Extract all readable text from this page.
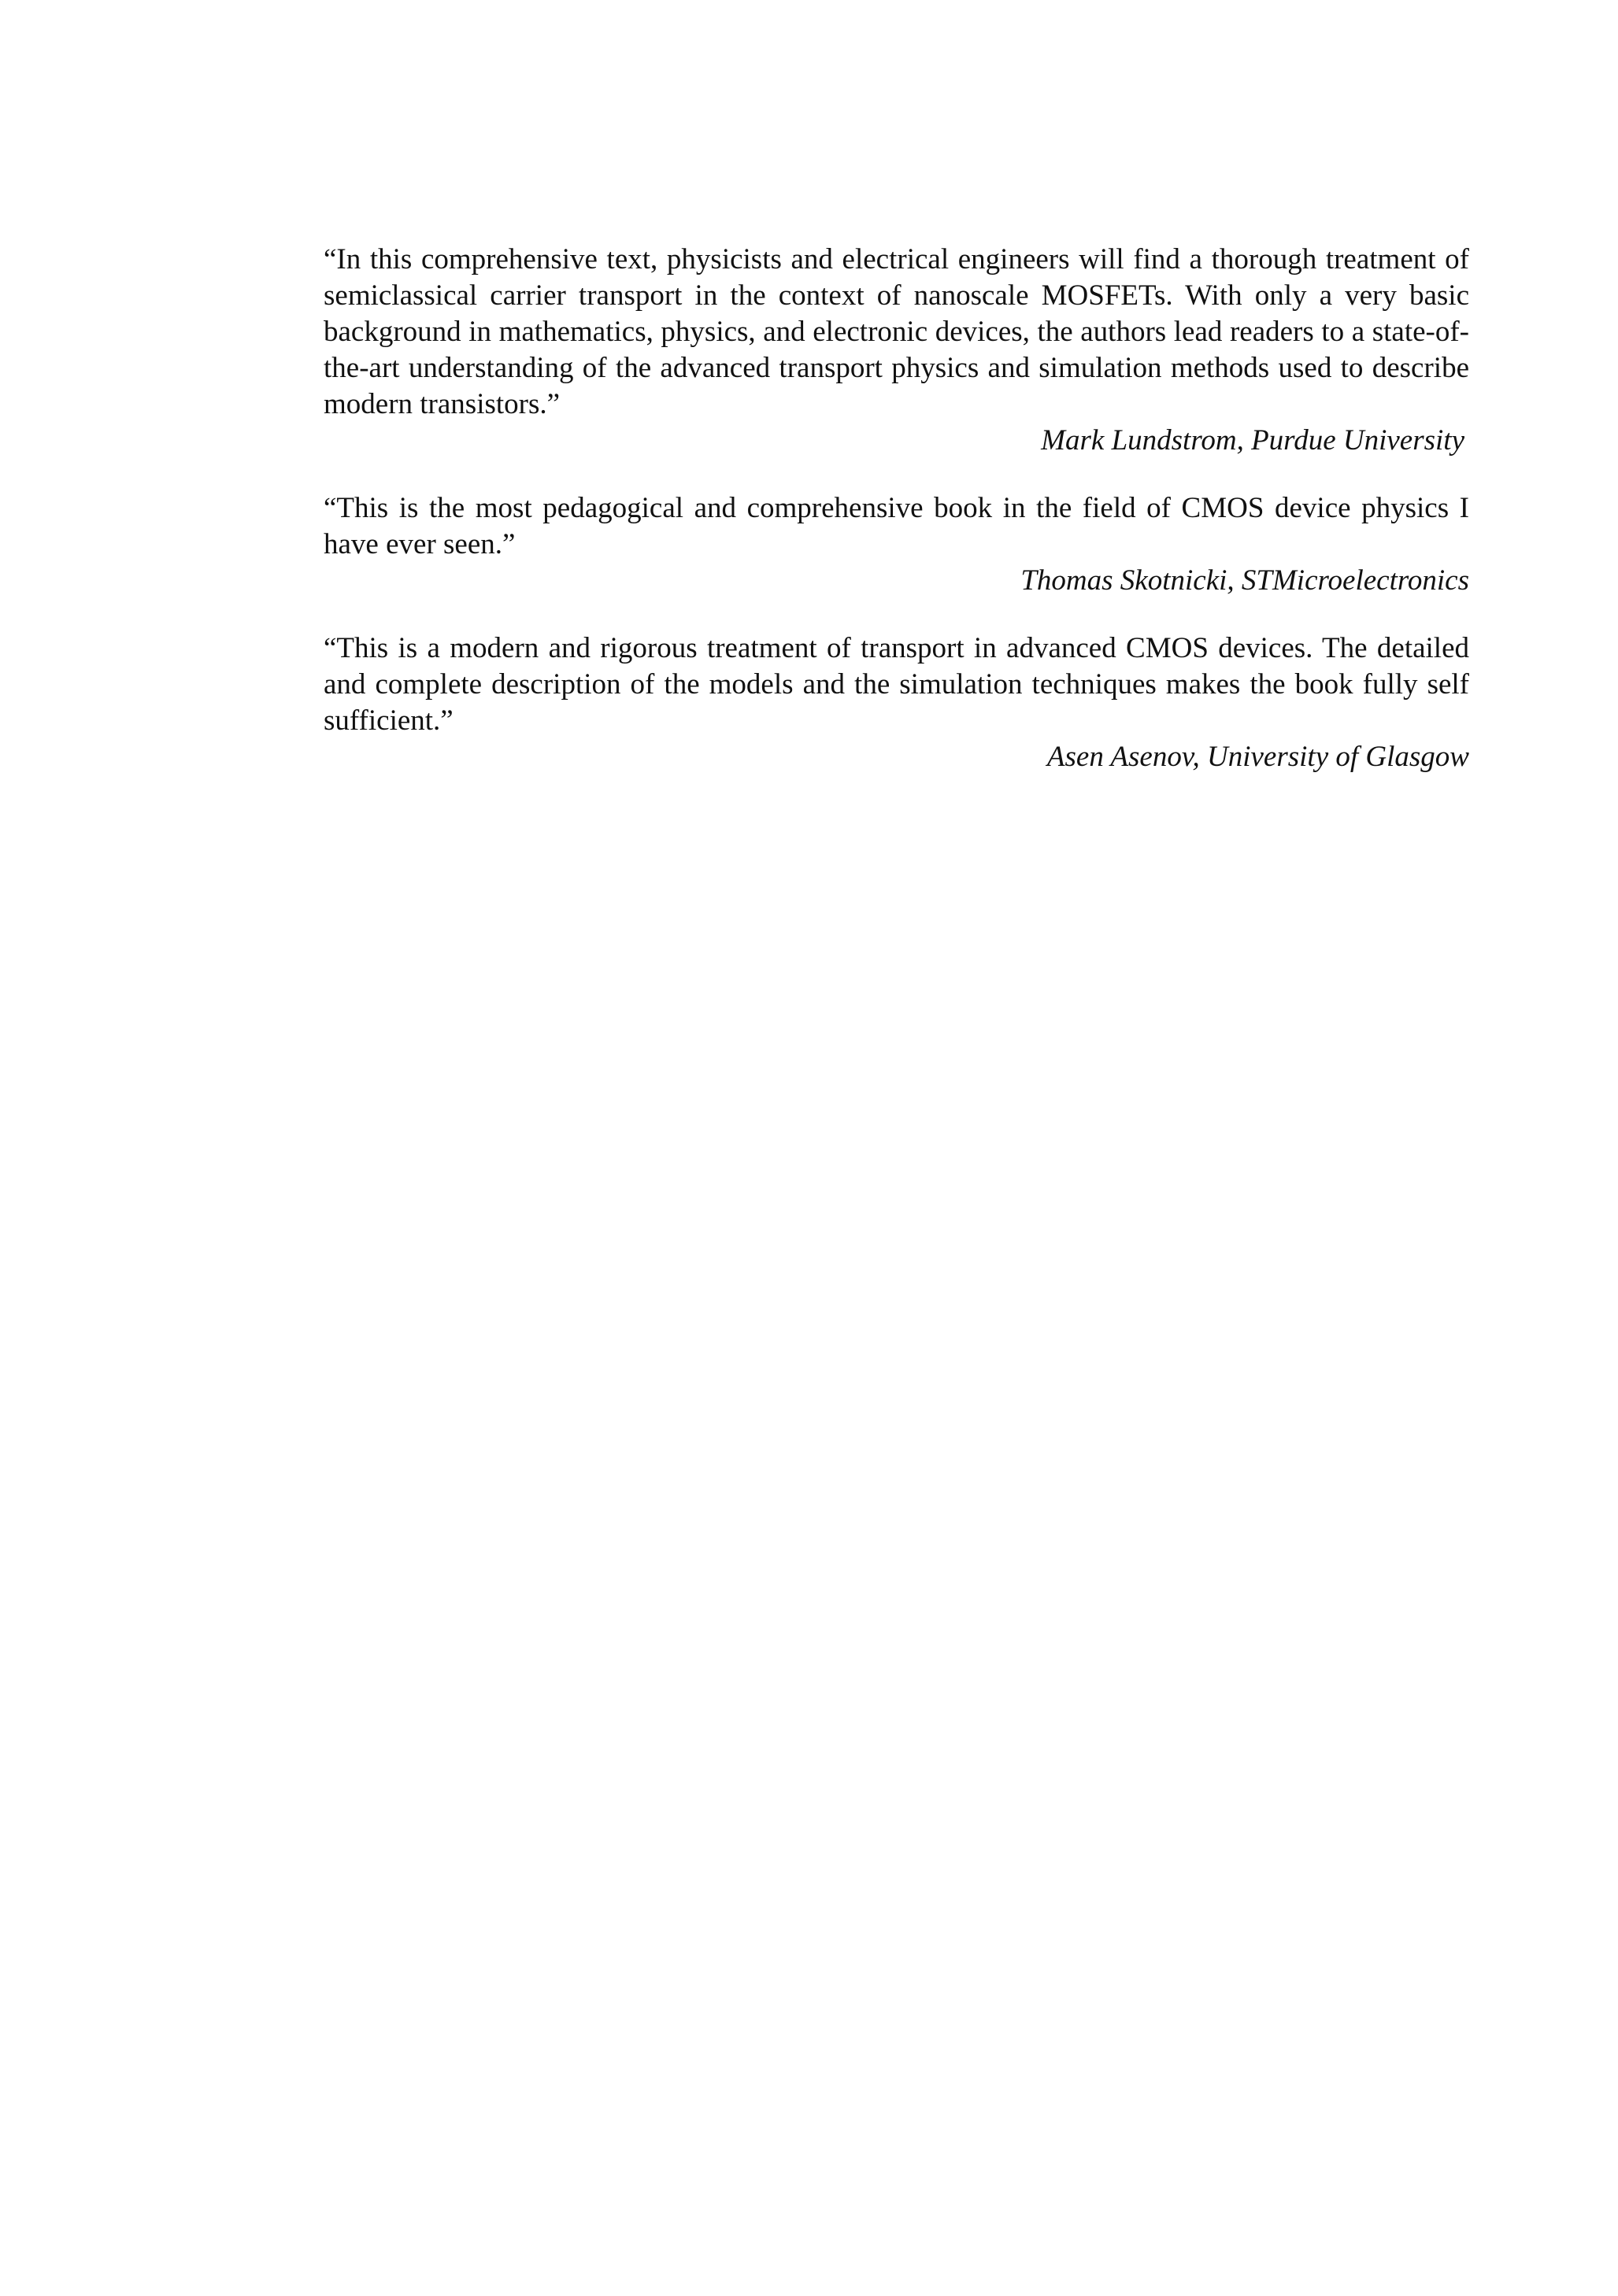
“In this comprehensive text, physicists and electrical engineers will find a thorough treatment of semiclassical carrier transport in the context of nanoscale MOSFETs. With only a very basic background in mathematics, physics, and electronic devices, the authors lead readers to a state-of-the-art understanding of the advanced transport physics and simulation methods used to describe modern transistors.”

Mark Lundstrom, Purdue University

“This is the most pedagogical and comprehensive book in the field of CMOS device physics I have ever seen.”

Thomas Skotnicki, STMicroelectronics

“This is a modern and rigorous treatment of transport in advanced CMOS devices. The detailed and complete description of the models and the simulation techniques makes the book fully self sufficient.”

Asen Asenov, University of Glasgow
